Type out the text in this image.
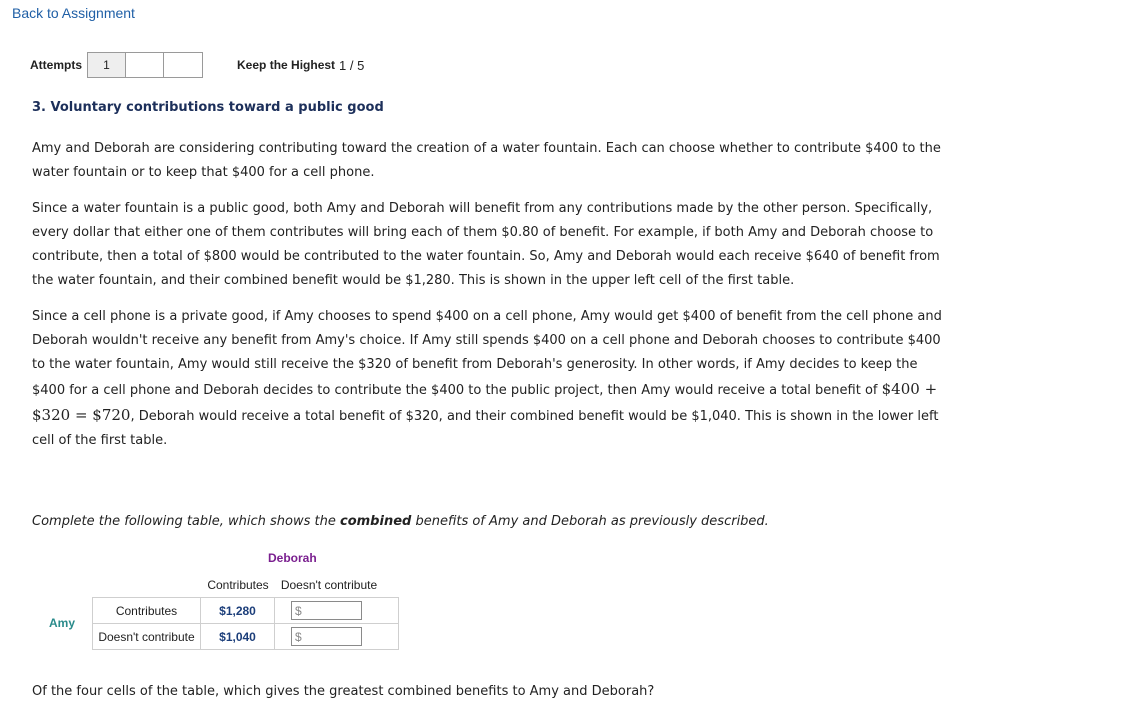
Back to Assignment
Attempts	1	Keep the Highest 1 / 5
3. Voluntary contributions toward a public good

Amy and Deborah are considering contributing toward the creation of a water fountain. Each can choose whether to contribute $400 to the water fountain or to keep that $400 for a cell phone.

Since a water fountain is a public good, both Amy and Deborah will benefit from any contributions made by the other person. Specifically, every dollar that either one of them contributes will bring each of them $0.80 of benefit. For example, if both Amy and Deborah choose to contribute, then a total of $800 would be contributed to the water fountain. So, Amy and Deborah would each receive $640 of benefit from the water fountain, and their combined benefit would be $1,280. This is shown in the upper left cell of the first table.

Since a cell phone is a private good, if Amy chooses to spend $400 on a cell phone, Amy would get $400 of benefit from the cell phone and Deborah wouldn't receive any benefit from Amy's choice. If Amy still spends $400 on a cell phone and Deborah chooses to contribute $400 to the water fountain, Amy would still receive the $320 of benefit from Deborah's generosity. In other words, if Amy decides to keep the $400 for a cell phone and Deborah decides to contribute the $400 to the public project, then Amy would receive a total benefit of $400 + $320 = $720, Deborah would receive a total benefit of $320, and their combined benefit would be $1,040. This is shown in the lower left cell of the first table.

Complete the following table, which shows the combined benefits of Amy and Deborah as previously described.

Deborah
Amy
Contributes	Doesn't contribute
Contributes	$1,280	$

Doesn't contribute	$1,040	$

Of the four cells of the table, which gives the greatest combined benefits to Amy and Deborah?
